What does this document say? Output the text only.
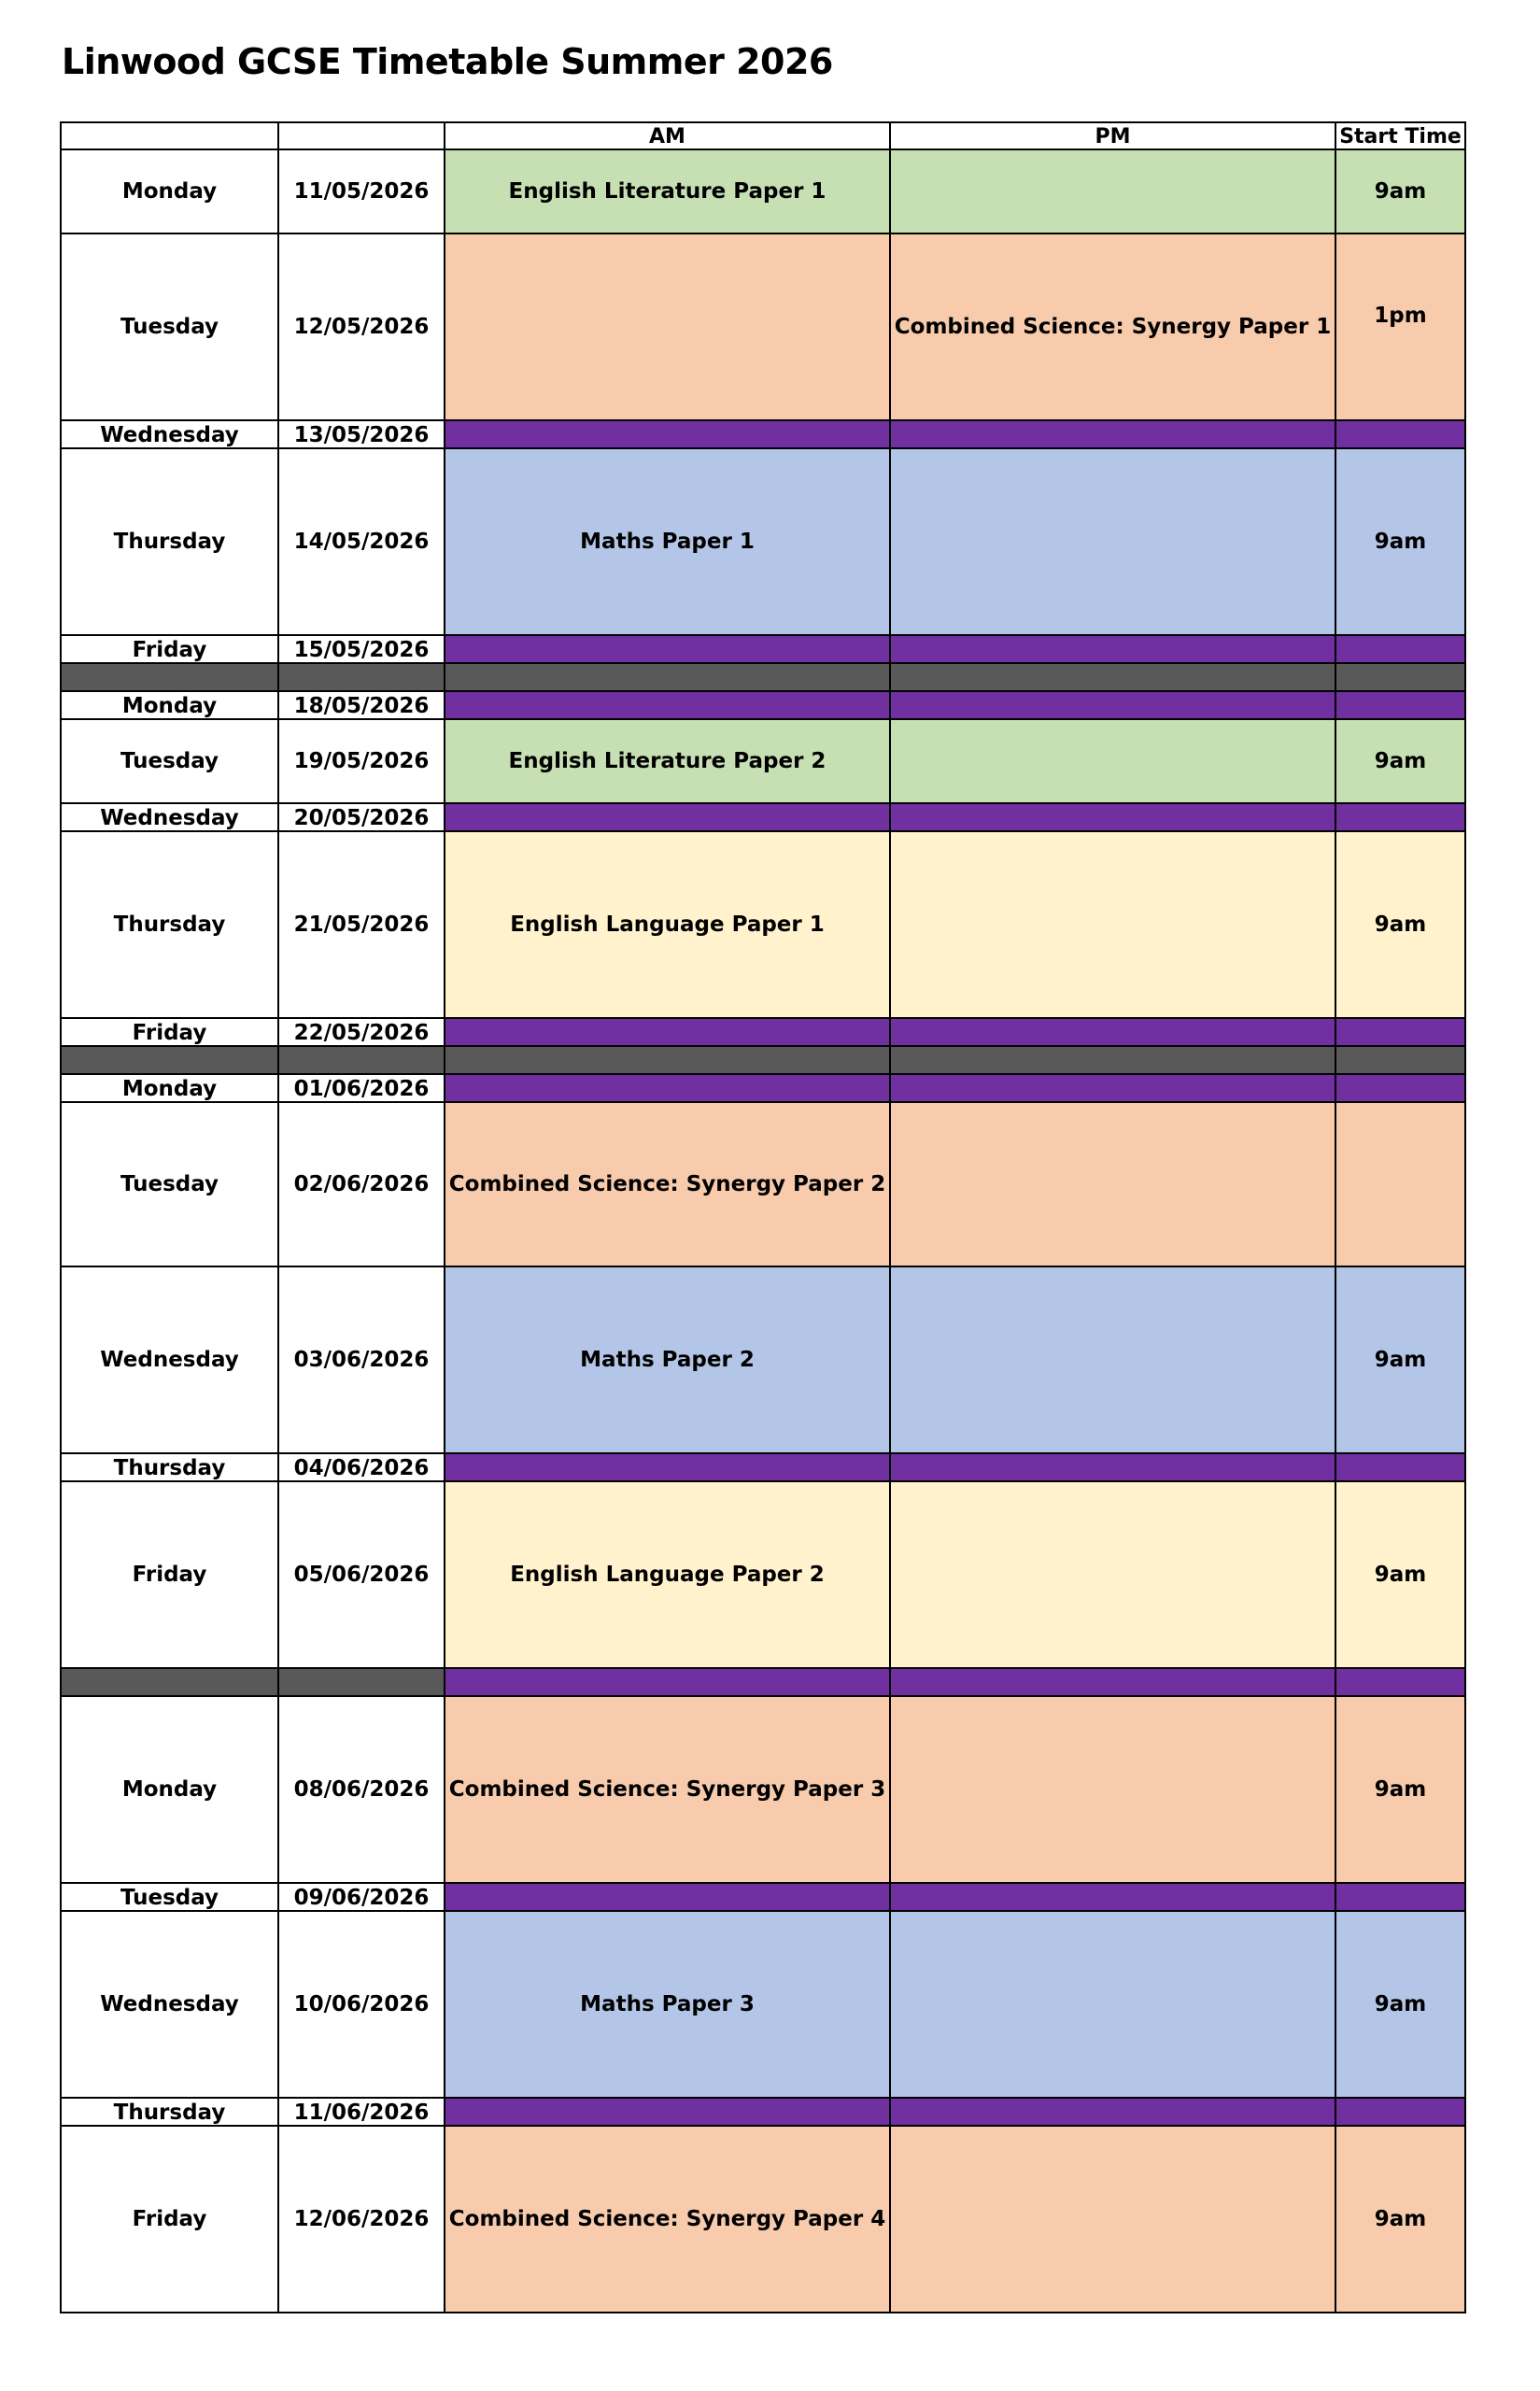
Linwood GCSE Timetable Summer 2026
		AM	PM	Start Time
Monday	11/05/2026	English Literature Paper 1		9am
Tuesday	12/05/2026		Combined Science: Synergy Paper 1	1pm
Wednesday	13/05/2026			
Thursday	14/05/2026	Maths Paper 1		9am
Friday	15/05/2026			

Monday	18/05/2026			
Tuesday	19/05/2026	English Literature Paper 2		9am
Wednesday	20/05/2026			
Thursday	21/05/2026	English Language Paper 1		9am
Friday	22/05/2026			

Monday	01/06/2026			
Tuesday	02/06/2026	Combined Science: Synergy Paper 2		
Wednesday	03/06/2026	Maths Paper 2		9am
Thursday	04/06/2026			
Friday	05/06/2026	English Language Paper 2		9am

Monday	08/06/2026	Combined Science: Synergy Paper 3		9am
Tuesday	09/06/2026			
Wednesday	10/06/2026	Maths Paper 3		9am
Thursday	11/06/2026			
Friday	12/06/2026	Combined Science: Synergy Paper 4		9am
